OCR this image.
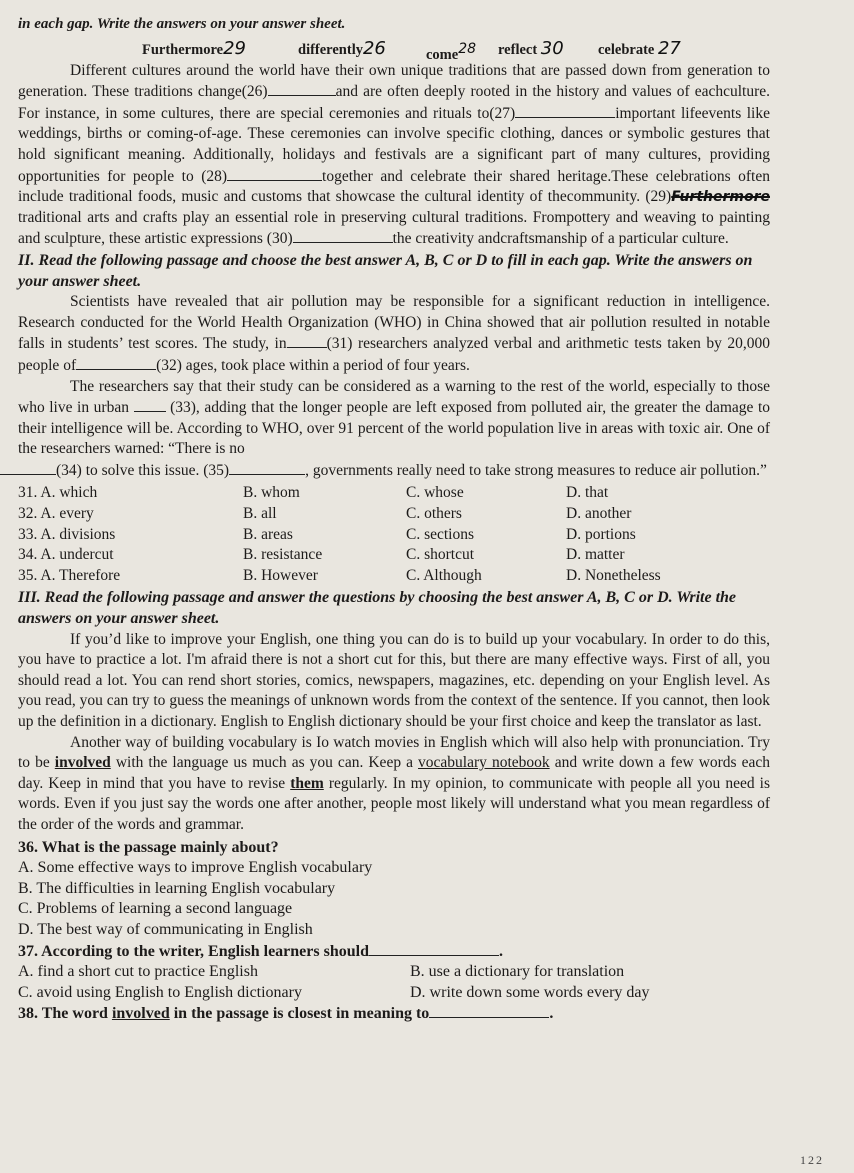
in each gap. Write the answers on your answer sheet.

Furthermore29	differently26	come28 reflect 30 celebrate 27

Different cultures around the world have their own unique traditions that are passed down from generation to generation. These traditions change(26)	and are often deeply rooted in the history and values of eachculture. For instance, in some cultures, there are special ceremonies and rituals to(27)	important lifeevents like weddings, births or coming-of-age. These ceremonies can involve specific clothing, dances or symbolic gestures that hold significant meaning. Additionally, holidays and festivals are a significant part of many cultures, providing opportunities for people to (28)	together and celebrate their shared heritage.These celebrations often include traditional foods, music and customs that showcase the cultural identity of thecommunity. (29)Furthermore traditional arts and crafts play an essential role in preserving cultural traditions. Frompottery and weaving to painting and sculpture, these artistic expressions (30)	the creativity andcraftsmanship of a particular culture.

II. Read the following passage and choose the best answer A, B, C or D to fill in each gap. Write the answers on your answer sheet.

Scientists have revealed that air pollution may be responsible for a significant reduction in intelligence. Research conducted for the World Health Organization (WHO) in China showed that air pollution resulted in notable falls in students’ test scores. The study, in	(31) researchers analyzed verbal and arithmetic tests taken by 20,000 people of	(32) ages, took place within a period of four years.

The researchers say that their study can be considered as a warning to the rest of the world, especially to those who live in urban	(33), adding that the longer people are left exposed from polluted air, the greater the damage to their intelligence will be. According to WHO, over 91 percent of the world population live in areas with toxic air. One of the researchers warned: “There is no
(34) to solve this issue. (35)	, governments really need to take strong measures to reduce air pollution.”

31. A. which	B. whom	C. whose	D. that
32. A. every	B. all	C. others	D. another
33. A. divisions	B. areas	C. sections	D. portions
34. A. undercut	B. resistance	C. shortcut	D. matter
35. A. Therefore	B. However	C. Although	D. Nonetheless

III. Read the following passage and answer the questions by choosing the best answer A, B, C or D. Write the answers on your answer sheet.

If you’d like to improve your English, one thing you can do is to build up your vocabulary. In order to do this, you have to practice a lot. I'm afraid there is not a short cut for this, but there are many effective ways. First of all, you should read a lot. You can rend short stories, comics, newspapers, magazines, etc. depending on your English level. As you read, you can try to guess the meanings of unknown words from the context of the sentence. If you cannot, then look up the definition in a dictionary. English to English dictionary should be your first choice and keep the translator as last.

Another way of building vocabulary is Io watch movies in English which will also help with pronunciation. Try to be involved with the language us much as you can. Keep a vocabulary notebook and write down a few words each day. Keep in mind that you have to revise them regularly. In my opinion, to communicate with people all you need is words. Even if you just say the words one after another, people most likely will understand what you mean regardless of the order of the words and grammar.

36. What is the passage mainly about?

A. Some effective ways to improve English vocabulary

B. The difficulties in learning English vocabulary

C. Problems of learning a second language

D. The best way of communicating in English

37. According to the writer, English learners should	.

A. find a short cut to practice English	B. use a dictionary for translation
C. avoid using English to English dictionary	D. write down some words every day

38. The word involved in the passage is closest in meaning to	.

122
